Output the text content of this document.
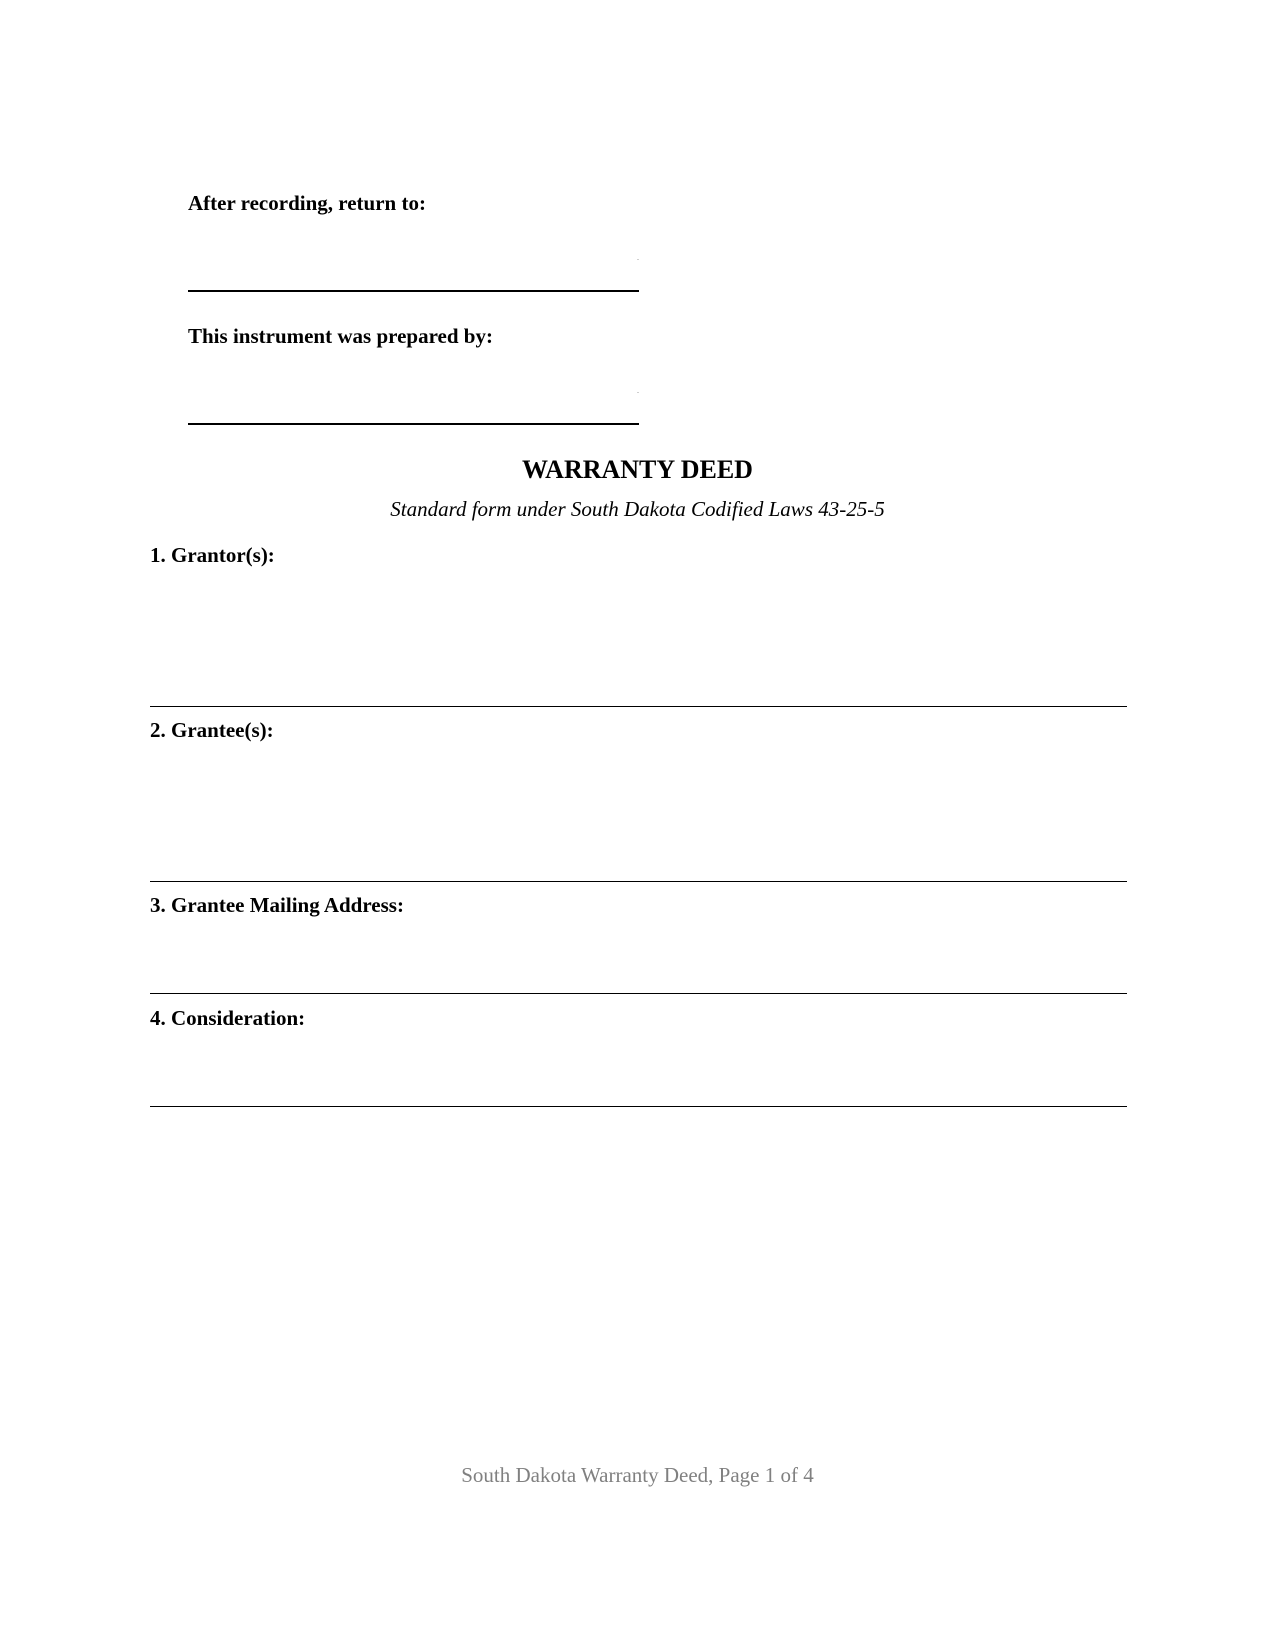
After recording, return to:
This instrument was prepared by:
WARRANTY DEED
Standard form under South Dakota Codified Laws 43-25-5
1. Grantor(s):
2. Grantee(s):
3. Grantee Mailing Address:
4. Consideration:
South Dakota Warranty Deed, Page 1 of 4
